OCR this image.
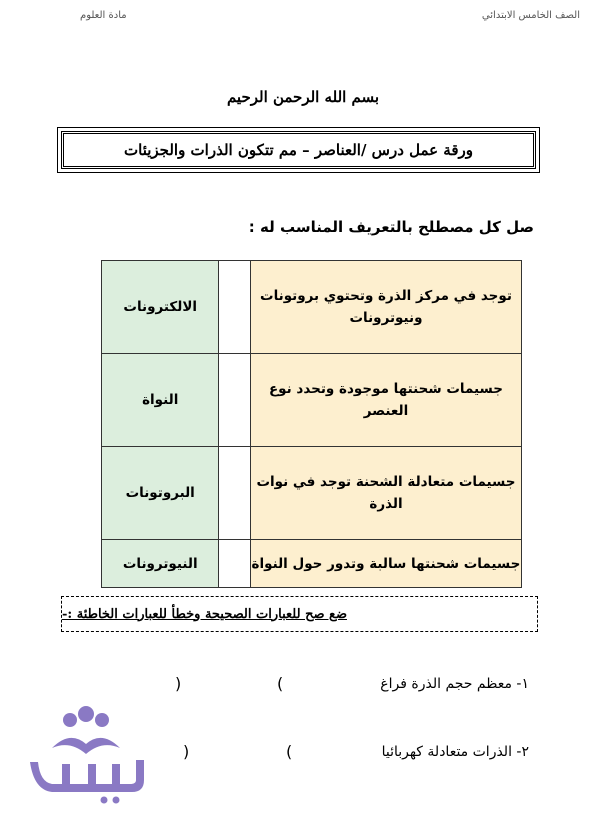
الصف الخامس الابتدائي
مادة العلوم
بسم الله الرحمن الرحيم
ورقة عمل درس /العناصر – مم تتكون الذرات والجزيئات
صل كل مصطلح بالتعريف المناسب له :
توجد في مركز الذرة وتحتوي بروتونات ونيوترونات		الالكترونات
جسيمات شحنتها موجودة وتحدد نوع العنصر		النواة
جسيمات متعادلة الشحنة توجد في نوات الذرة		البروتونات
جسيمات شحنتها سالبة وتدور حول النواة		النيوترونات
ضع صح للعبارات الصحيحة وخطأ للعبارات الخاطئة :-
١- معظم حجم الذرة فراغ
(
)
٢- الذرات متعادلة كهربائيا
(
)
